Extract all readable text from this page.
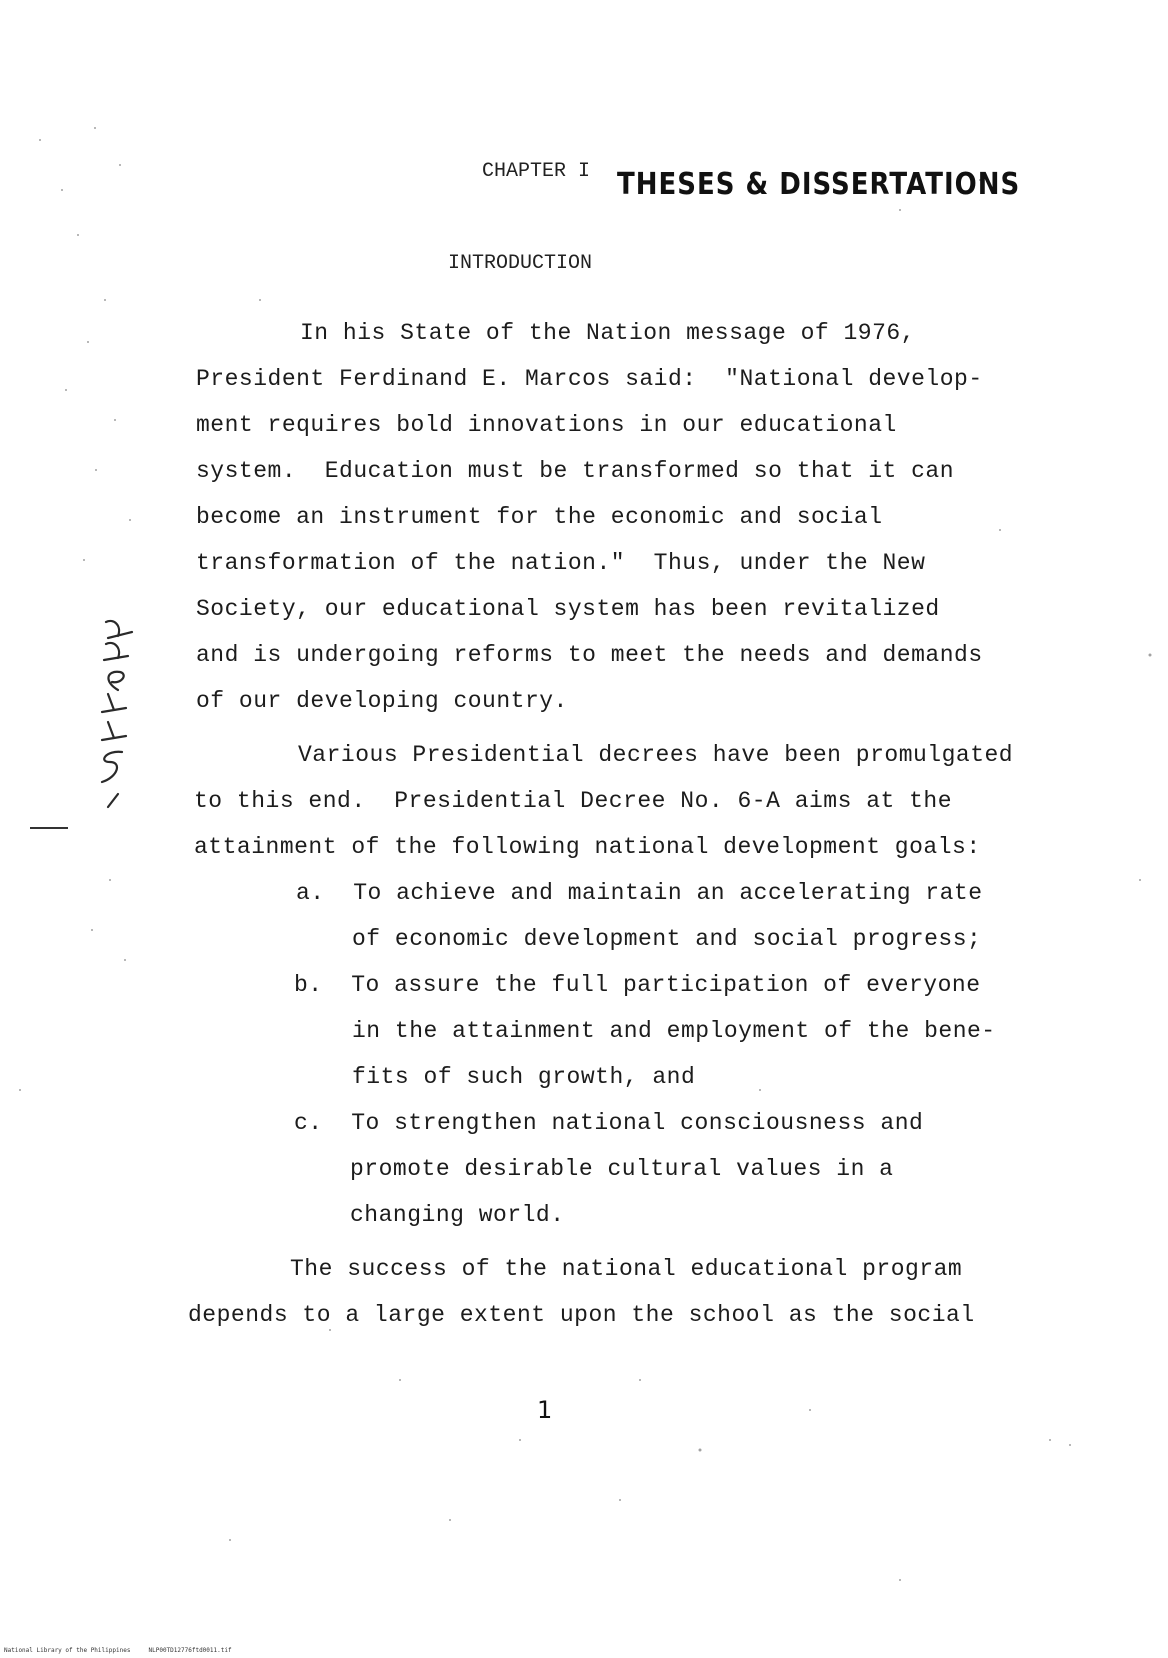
CHAPTER I THESES & DISSERTATIONS
INTRODUCTION
In his State of the Nation message of 1976,
President Ferdinand E. Marcos said:  "National develop-
ment requires bold innovations in our educational
system.  Education must be transformed so that it can
become an instrument for the economic and social
transformation of the nation."  Thus, under the New
Society, our educational system has been revitalized
and is undergoing reforms to meet the needs and demands
of our developing country.
Various Presidential decrees have been promulgated
to this end.  Presidential Decree No. 6-A aims at the
attainment of the following national development goals:
a.  To achieve and maintain an accelerating rate
of economic development and social progress;
b.  To assure the full participation of everyone
in the attainment and employment of the bene-
fits of such growth, and
c.  To strengthen national consciousness and
promote desirable cultural values in a
changing world.
The success of the national educational program
depends to a large extent upon the school as the social
1
National Library of the Philippines     NLP00TD12776ftd0011.tif
